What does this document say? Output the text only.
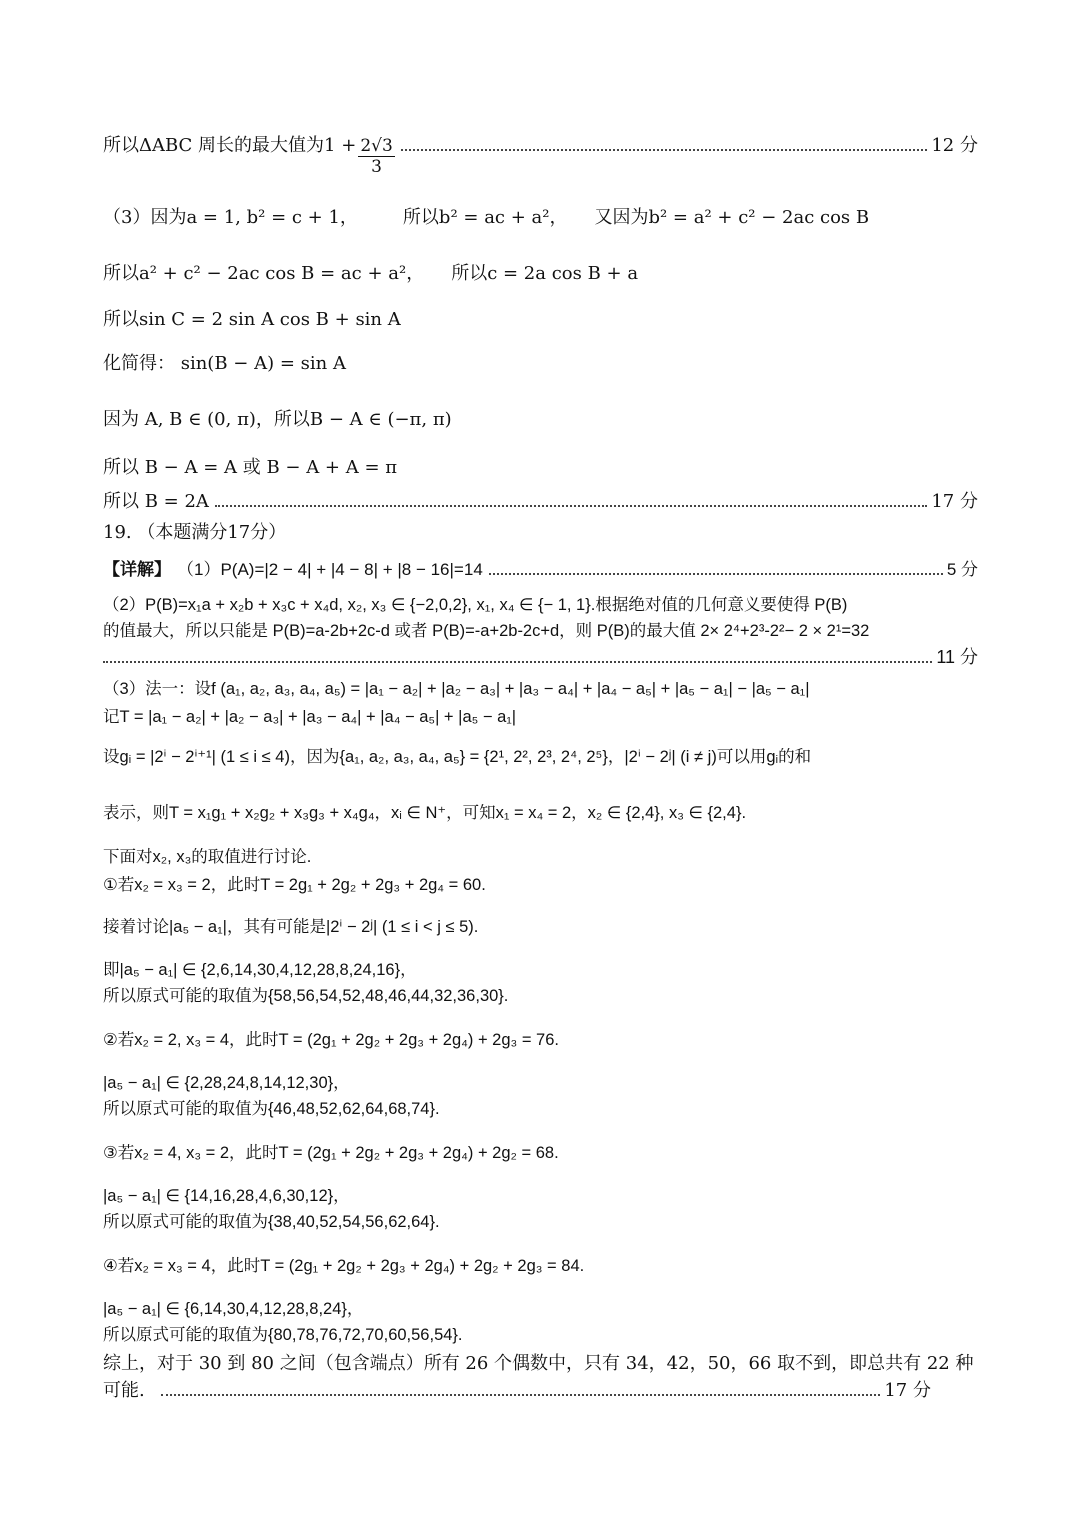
所以ΔABC 周长的最大值为$1 + \frac{2√3}{3}$	12 分
（3）因为a = 1, b² = c + 1，　　　所以b² = ac + a²，　　又因为b² = a² + c² − 2ac cos B
所以a² + c² − 2ac cos B = ac + a²，　　所以c = 2a cos B + a
所以sin C = 2 sin A cos B + sin A
化简得： sin(B − A) = sin A
因为 A, B ∈ (0, π)，所以B − A ∈ (−π, π)
所以 B − A = A 或 B − A + A = π
所以 B = 2A	17 分
19. （本题满分17分）
【详解】 （1）P(A)=|2 − 4| + |4 − 8| + |8 − 16|=14	5 分
（2）P(B)=x₁a + x₂b + x₃c + x₄d, x₂, x₃ ∈ {−2,0,2}, x₁, x₄ ∈ {− 1, 1}.根据绝对值的几何意义要使得 P(B)
的值最大，所以只能是 P(B)=a-2b+2c-d 或者 P(B)=-a+2b-2c+d，则 P(B)的最大值 2× 2⁴+2³-2²− 2 × 2¹=32
11 分
（3）法一：设f (a₁, a₂, a₃, a₄, a₅) = |a₁ − a₂| + |a₂ − a₃| + |a₃ − a₄| + |a₄ − a₅| + |a₅ − a₁| − |a₅ − a₁|
记T = |a₁ − a₂| + |a₂ − a₃| + |a₃ − a₄| + |a₄ − a₅| + |a₅ − a₁|
设gᵢ = |2ⁱ − 2ⁱ⁺¹| (1 ≤ i ≤ 4)，因为{a₁, a₂, a₃, a₄, a₅} = {2¹, 2², 2³, 2⁴, 2⁵}，|2ⁱ − 2ʲ| (i ≠ j)可以用gᵢ的和
表示，则T = x₁g₁ + x₂g₂ + x₃g₃ + x₄g₄，xᵢ ∈ N⁺，可知x₁ = x₄ = 2，x₂ ∈ {2,4}, x₃ ∈ {2,4}.
下面对x₂, x₃的取值进行讨论.
①若x₂ = x₃ = 2，此时T = 2g₁ + 2g₂ + 2g₃ + 2g₄ = 60.
接着讨论|a₅ − a₁|，其有可能是|2ⁱ − 2ʲ| (1 ≤ i < j ≤ 5).
即|a₅ − a₁| ∈ {2,6,14,30,4,12,28,8,24,16}，
所以原式可能的取值为{58,56,54,52,48,46,44,32,36,30}.
②若x₂ = 2, x₃ = 4，此时T = (2g₁ + 2g₂ + 2g₃ + 2g₄) + 2g₃ = 76.
|a₅ − a₁| ∈ {2,28,24,8,14,12,30}，
所以原式可能的取值为{46,48,52,62,64,68,74}.
③若x₂ = 4, x₃ = 2，此时T = (2g₁ + 2g₂ + 2g₃ + 2g₄) + 2g₂ = 68.
|a₅ − a₁| ∈ {14,16,28,4,6,30,12}，
所以原式可能的取值为{38,40,52,54,56,62,64}.
④若x₂ = x₃ = 4，此时T = (2g₁ + 2g₂ + 2g₃ + 2g₄) + 2g₂ + 2g₃ = 84.
|a₅ − a₁| ∈ {6,14,30,4,12,28,8,24}，
所以原式可能的取值为{80,78,76,72,70,60,56,54}.
综上，对于 30 到 80 之间（包含端点）所有 26 个偶数中，只有 34，42，50，66 取不到，即总共有 22 种
可能.	17 分
